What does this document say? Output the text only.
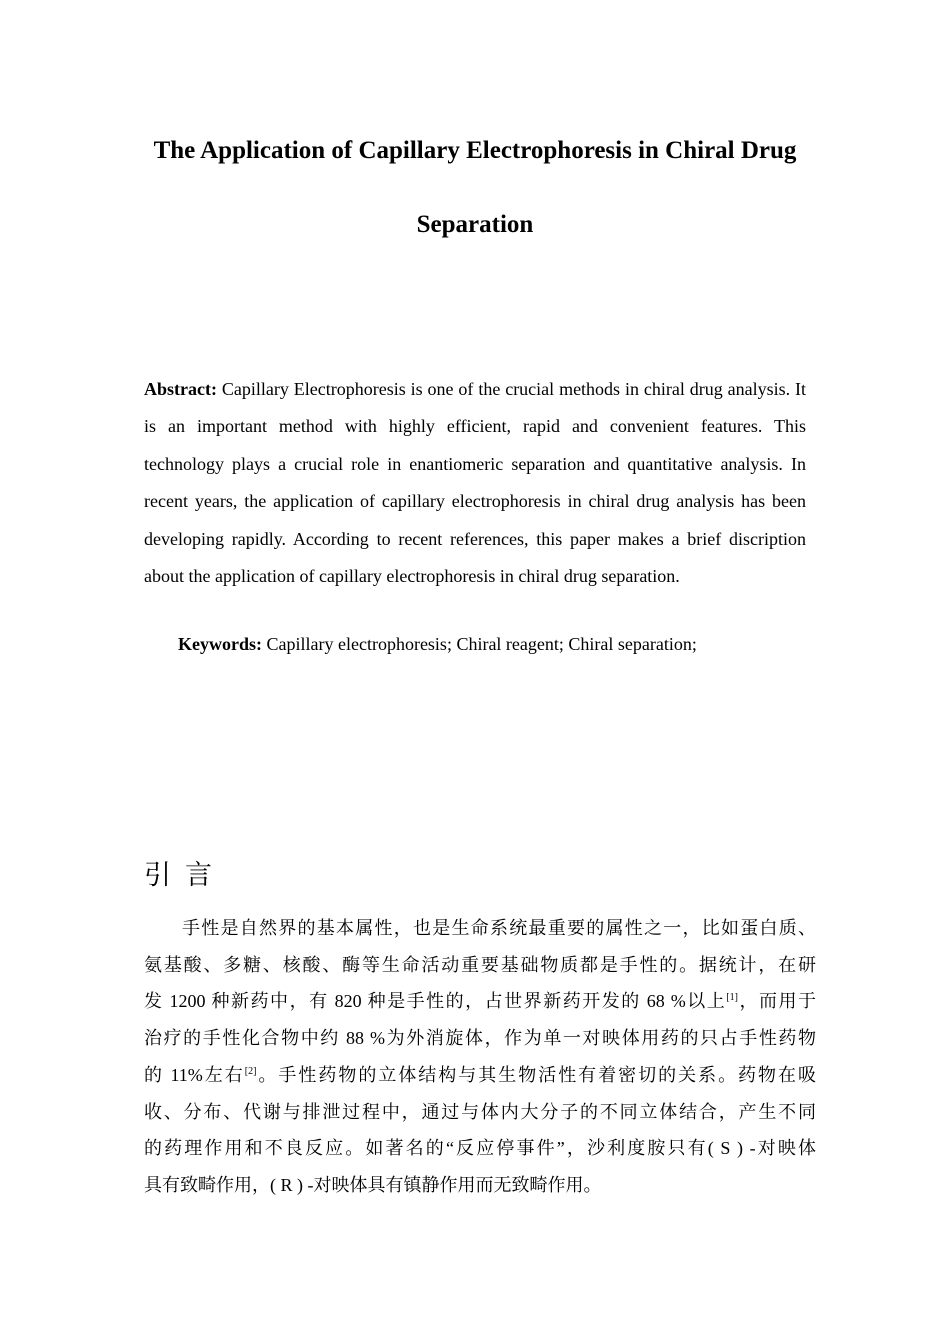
The Application of Capillary Electrophoresis in Chiral Drug
Separation

Abstract: Capillary Electrophoresis is one of the crucial methods in chiral drug analysis. It is an important method with highly efficient, rapid and convenient features. This technology plays a crucial role in enantiomeric separation and quantitative analysis. In recent years, the application of capillary electrophoresis in chiral drug analysis has been developing rapidly. According to recent references, this paper makes a brief discription about the application of capillary electrophoresis in chiral drug separation.

Keywords: Capillary electrophoresis; Chiral reagent; Chiral separation;

引言
手性是自然界的基本属性，也是生命系统最重要的属性之一，比如蛋白质、
氨基酸、多糖、核酸、酶等生命活动重要基础物质都是手性的。据统计，在研
发 1200 种新药中，有 820 种是手性的，占世界新药开发的 68 %以上[1]，而用于
治疗的手性化合物中约 88 %为外消旋体，作为单一对映体用药的只占手性药物
的 11%左右[2]。手性药物的立体结构与其生物活性有着密切的关系。药物在吸
收、分布、代谢与排泄过程中，通过与体内大分子的不同立体结合，产生不同
的药理作用和不良反应。如著名的“反应停事件”，沙利度胺只有( S ) -对映体
具有致畸作用，( R ) -对映体具有镇静作用而无致畸作用。
